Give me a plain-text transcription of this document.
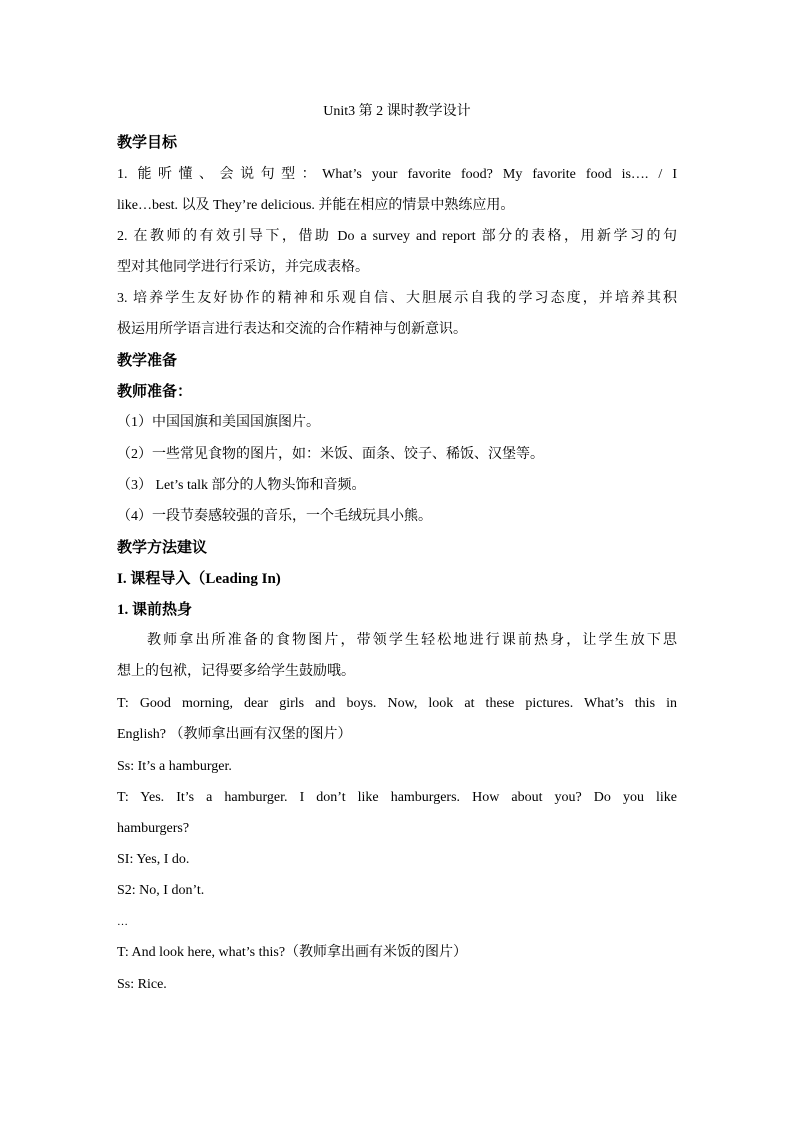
Unit3 第 2 课时教学设计
教学目标
1. 能听懂、会说句型：What’s your favorite food? My favorite food is…. / I
like…best. 以及 They’re delicious. 并能在相应的情景中熟练应用。
2. 在教师的有效引导下，借助 Do a survey and report 部分的表格，用新学习的句
型对其他同学进行行采访，并完成表格。
3. 培养学生友好协作的精神和乐观自信、大胆展示自我的学习态度，并培养其积
极运用所学语言进行表达和交流的合作精神与创新意识。
教学准备
教师准备：
（1）中国国旗和美国国旗图片。
（2）一些常见食物的图片，如：米饭、面条、饺子、稀饭、汉堡等。
（3） Let’s talk 部分的人物头饰和音频。
（4）一段节奏感较强的音乐，一个毛绒玩具小熊。
教学方法建议
I. 课程导入（Leading In)
1. 课前热身
教师拿出所准备的食物图片，带领学生轻松地进行课前热身，让学生放下思
想上的包袱，记得要多给学生鼓励哦。
T: Good morning, dear girls and boys. Now, look at these pictures. What’s this in
English? （教师拿出画有汉堡的图片）
Ss: It’s a hamburger.
T: Yes. It’s a hamburger. I don’t like hamburgers. How about you? Do you like
hamburgers?
SI: Yes, I do.
S2: No, I don’t.
…
T: And look here, what’s this?（教师拿出画有米饭的图片）
Ss: Rice.
